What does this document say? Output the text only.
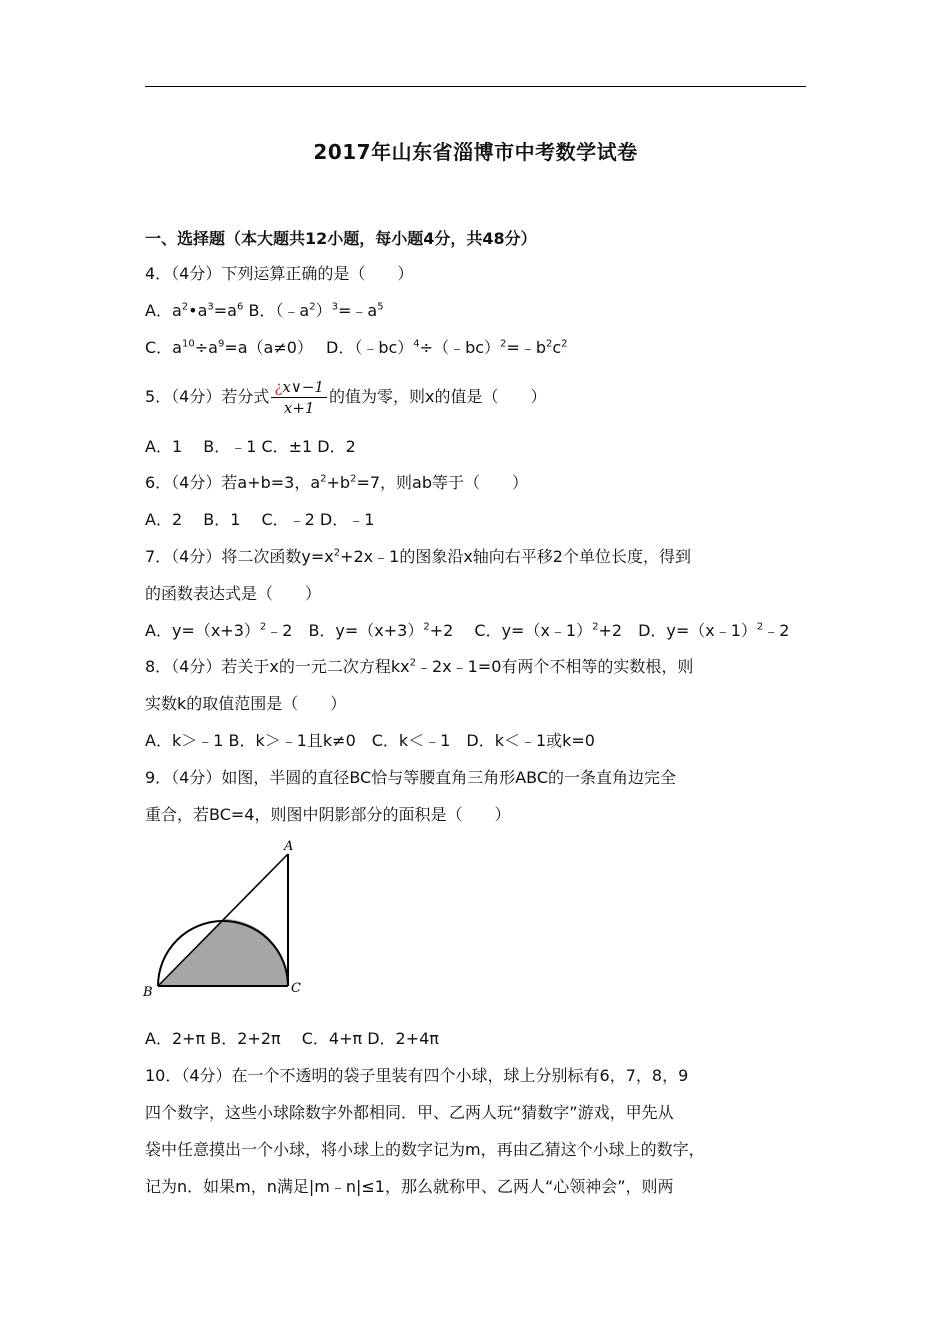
2017年山东省淄博市中考数学试卷
一、选择题（本大题共12小题，每小题4分，共48分）
4．（4分）下列运算正确的是（　　）
A．$a^2•a^3=a^6$ B．$(﹣a^2)^3=﹣a^5$
C．$a^{10}\div a^9=a(a\ne 0)$　 D．$(﹣bc)^4\div(﹣bc)^2=﹣b^2c^2$
5．（4分）若分式 $\frac{¿x\vee-1}{x+1}$ 的值为零，则x的值是（　　）
A．1　 B．﹣1 C．±1 D．2
6．（4分）若a+b=3，$a^2+b^2=7$，则ab等于（　　）
A．2　 B．1　 C．﹣2 D．﹣1
7．（4分）将二次函数$y=x^2+2x﹣1$的图象沿x轴向右平移2个单位长度，得到
的函数表达式是（　　）
A．$y=(x+3)^2﹣2$　B．$y=(x+3)^2+2$　 C．y=（x﹣1）$^2$+2　D．y=（x﹣1）$^2$﹣2
8．（4分）若关于x的一元二次方程$kx^2﹣2x﹣1=0$有两个不相等的实数根，则
实数k的取值范围是（　　）
A．k＞﹣1 B．k＞﹣1且k≠0　C．k＜﹣1　D．k＜﹣1或k=0
9．（4分）如图，半圆的直径BC恰与等腰直角三角形ABC的一条直角边完全
重合，若BC=4，则图中阴影部分的面积是（　　）
A
B	C
A．2+π B．2+2π　 C．4+π D．2+4π
10．（4分）在一个不透明的袋子里装有四个小球，球上分别标有6，7，8，9
四个数字，这些小球除数字外都相同．甲、乙两人玩“猜数字”游戏，甲先从
袋中任意摸出一个小球，将小球上的数字记为m，再由乙猜这个小球上的数字，
记为n．如果m，n满足|m﹣n|≤1，那么就称甲、乙两人“心领神会”，则两
